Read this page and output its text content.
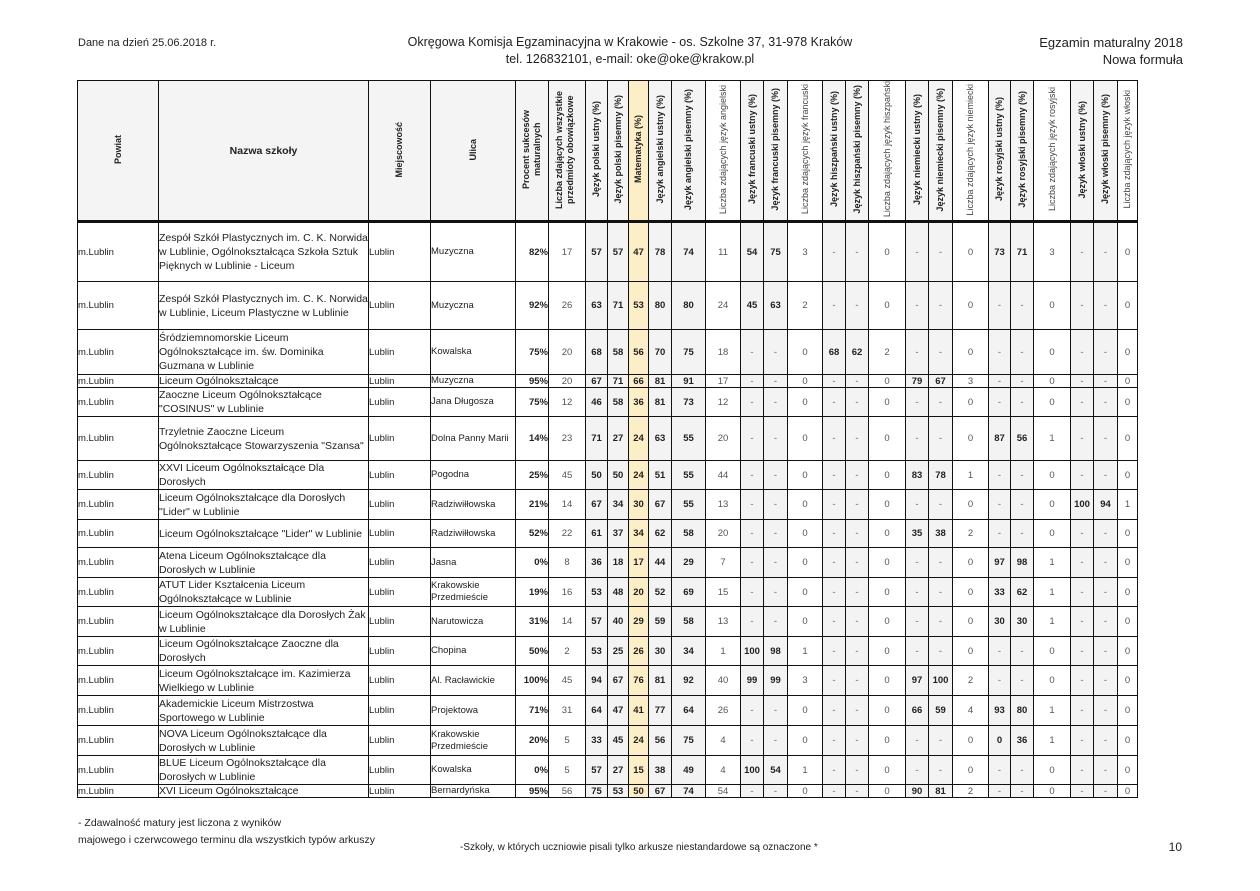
Dane na dzień 25.06.2018 r.	Okręgowa Komisja Egzaminacyjna w Krakowie - os. Szkolne 37, 31-978 Kraków
tel. 126832101, e-mail: oke@oke@krakow.pl
Egzamin maturalny 2018
Nowa formuła
Powiat	Nazwa szkoły	Miejscowość	Ulica	Procent sukcesów maturalnych	Liczba zdających wszystkie przedmioty obowiązkowe	Język polski ustny (%)	Język polski pisemny (%)	Matematyka (%)	Język angielski ustny (%)	Język angielski pisemny (%)	Liczba zdających język angielski	Język francuski ustny (%)	Język francuski pisemny (%)	Liczba zdających język francuski	Język hiszpański ustny (%)	Język hiszpański pisemny (%)	Liczba zdających język hiszpański	Język niemiecki ustny (%)	Język niemiecki pisemny (%)	Liczba zdających język niemiecki	Język rosyjski ustny (%)	Język rosyjski pisemny (%)	Liczba zdających język rosyjski	Język włoski ustny (%)	Język włoski pisemny (%)	Liczba zdających język włoski
m.Lublin	Zespół Szkół Plastycznych im. C. K. Norwida w Lublinie, Ogólnokształcąca Szkoła Sztuk Pięknych w Lublinie - Liceum	Lublin	Muzyczna	82%	17	57	57	47	78	74	11	54	75	3	-	-	0	-	-	0	73	71	3	-	-	0
m.Lublin	Zespół Szkół Plastycznych im. C. K. Norwida w Lublinie, Liceum Plastyczne w Lublinie	Lublin	Muzyczna	92%	26	63	71	53	80	80	24	45	63	2	-	-	0	-	-	0	-	-	0	-	-	0
m.Lublin	Śródziemnomorskie Liceum Ogólnokształcące im. św. Dominika Guzmana w Lublinie	Lublin	Kowalska	75%	20	68	58	56	70	75	18	-	-	0	68	62	2	-	-	0	-	-	0	-	-	0
m.Lublin	Liceum Ogólnokształcące	Lublin	Muzyczna	95%	20	67	71	66	81	91	17	-	-	0	-	-	0	79	67	3	-	-	0	-	-	0
m.Lublin	Zaoczne Liceum Ogólnokształcące "COSINUS" w Lublinie	Lublin	Jana Długosza	75%	12	46	58	36	81	73	12	-	-	0	-	-	0	-	-	0	-	-	0	-	-	0
m.Lublin	Trzyletnie Zaoczne Liceum Ogólnokształcące Stowarzyszenia "Szansa"	Lublin	Dolna Panny Marii	14%	23	71	27	24	63	55	20	-	-	0	-	-	0	-	-	0	87	56	1	-	-	0
m.Lublin	XXVI Liceum Ogólnokształcące Dla Dorosłych	Lublin	Pogodna	25%	45	50	50	24	51	55	44	-	-	0	-	-	0	83	78	1	-	-	0	-	-	0
m.Lublin	Liceum Ogólnokształcące dla Dorosłych "Lider" w Lublinie	Lublin	Radziwiłłowska	21%	14	67	34	30	67	55	13	-	-	0	-	-	0	-	-	0	-	-	0	100	94	1
m.Lublin	Liceum Ogólnokształcące "Lider" w Lublinie	Lublin	Radziwiłłowska	52%	22	61	37	34	62	58	20	-	-	0	-	-	0	35	38	2	-	-	0	-	-	0
m.Lublin	Atena Liceum Ogólnokształcące dla Dorosłych w Lublinie	Lublin	Jasna	0%	8	36	18	17	44	29	7	-	-	0	-	-	0	-	-	0	97	98	1	-	-	0
m.Lublin	ATUT Lider Kształcenia Liceum Ogólnokształcące w Lublinie	Lublin	Krakowskie Przedmieście	19%	16	53	48	20	52	69	15	-	-	0	-	-	0	-	-	0	33	62	1	-	-	0
m.Lublin	Liceum Ogólnokształcące dla Dorosłych Żak w Lublinie	Lublin	Narutowicza	31%	14	57	40	29	59	58	13	-	-	0	-	-	0	-	-	0	30	30	1	-	-	0
m.Lublin	Liceum Ogólnokształcące Zaoczne dla Dorosłych	Lublin	Chopina	50%	2	53	25	26	30	34	1	100	98	1	-	-	0	-	-	0	-	-	0	-	-	0
m.Lublin	Liceum Ogólnokształcące im. Kazimierza Wielkiego w Lublinie	Lublin	Al. Racławickie	100%	45	94	67	76	81	92	40	99	99	3	-	-	0	97	100	2	-	-	0	-	-	0
m.Lublin	Akademickie Liceum Mistrzostwa Sportowego w Lublinie	Lublin	Projektowa	71%	31	64	47	41	77	64	26	-	-	0	-	-	0	66	59	4	93	80	1	-	-	0
m.Lublin	NOVA Liceum Ogólnokształcące dla Dorosłych w Lublinie	Lublin	Krakowskie Przedmieście	20%	5	33	45	24	56	75	4	-	-	0	-	-	0	-	-	0	0	36	1	-	-	0
m.Lublin	BLUE Liceum Ogólnokształcące dla Dorosłych w Lublinie	Lublin	Kowalska	0%	5	57	27	15	38	49	4	100	54	1	-	-	0	-	-	0	-	-	0	-	-	0
m.Lublin	XVI Liceum Ogólnokształcące	Lublin	Bernardyńska	95%	56	75	53	50	67	74	54	-	-	0	-	-	0	90	81	2	-	-	0	-	-	0
- Zdawalność matury jest liczona z wyników
majowego i czerwcowego terminu dla wszystkich typów arkuszy
-Szkoły, w których uczniowie pisali tylko arkusze niestandardowe są oznaczone *	10
